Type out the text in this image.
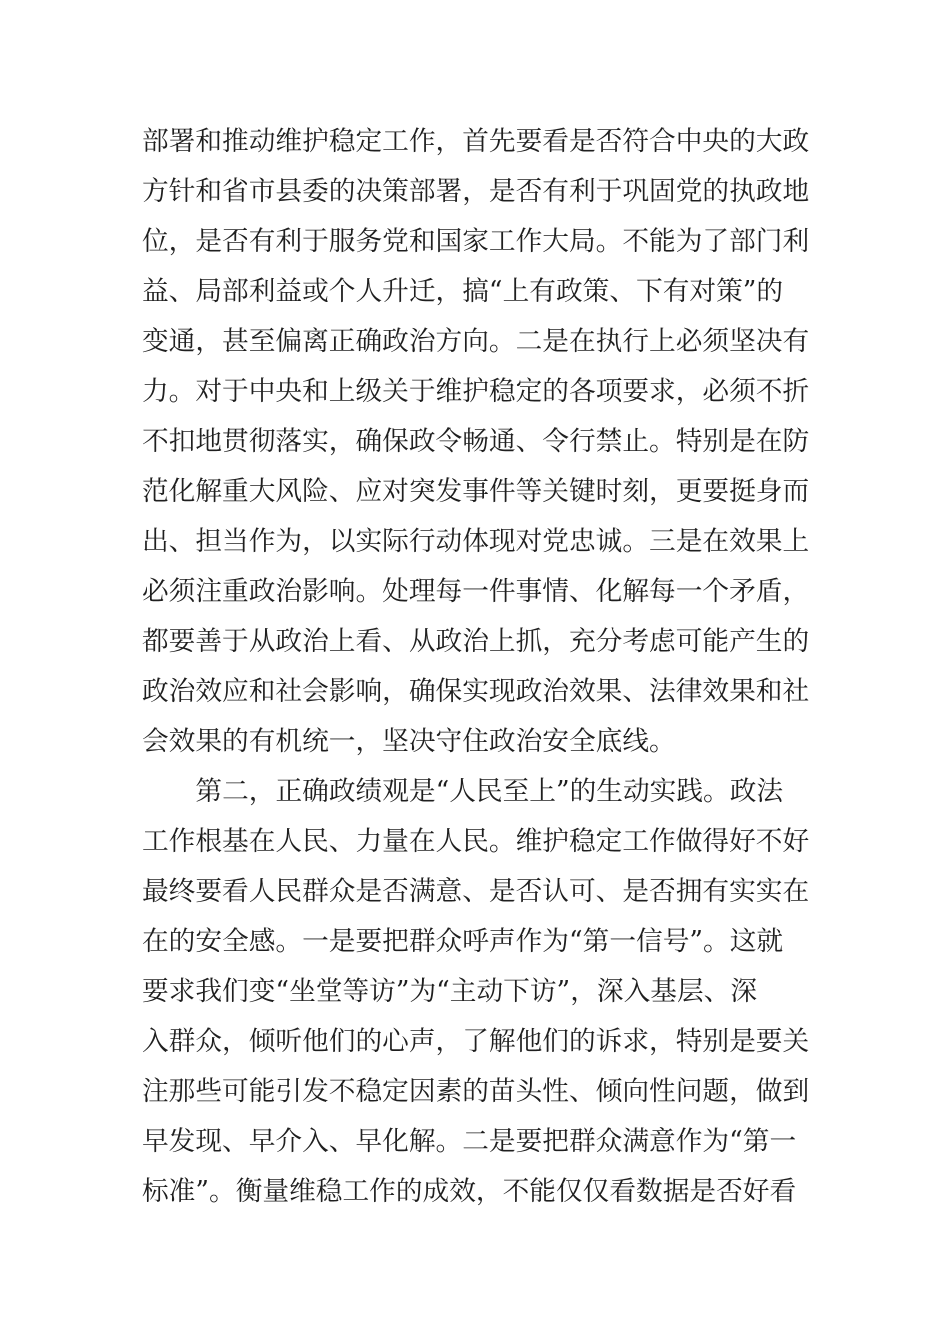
部署和推动维护稳定工作，首先要看是否符合中央的大政
方针和省市县委的决策部署，是否有利于巩固党的执政地
位，是否有利于服务党和国家工作大局。不能为了部门利
益、局部利益或个人升迁，搞“上有政策、下有对策”的
变通，甚至偏离正确政治方向。二是在执行上必须坚决有
力。对于中央和上级关于维护稳定的各项要求，必须不折
不扣地贯彻落实，确保政令畅通、令行禁止。特别是在防
范化解重大风险、应对突发事件等关键时刻，更要挺身而
出、担当作为，以实际行动体现对党忠诚。三是在效果上
必须注重政治影响。处理每一件事情、化解每一个矛盾，
都要善于从政治上看、从政治上抓，充分考虑可能产生的
政治效应和社会影响，确保实现政治效果、法律效果和社
会效果的有机统一，坚决守住政治安全底线。
第二，正确政绩观是“人民至上”的生动实践。政法
工作根基在人民、力量在人民。维护稳定工作做得好不好
最终要看人民群众是否满意、是否认可、是否拥有实实在
在的安全感。一是要把群众呼声作为“第一信号”。这就
要求我们变“坐堂等访”为“主动下访”，深入基层、深
入群众，倾听他们的心声，了解他们的诉求，特别是要关
注那些可能引发不稳定因素的苗头性、倾向性问题，做到
早发现、早介入、早化解。二是要把群众满意作为“第一
标准”。衡量维稳工作的成效，不能仅仅看数据是否好看
